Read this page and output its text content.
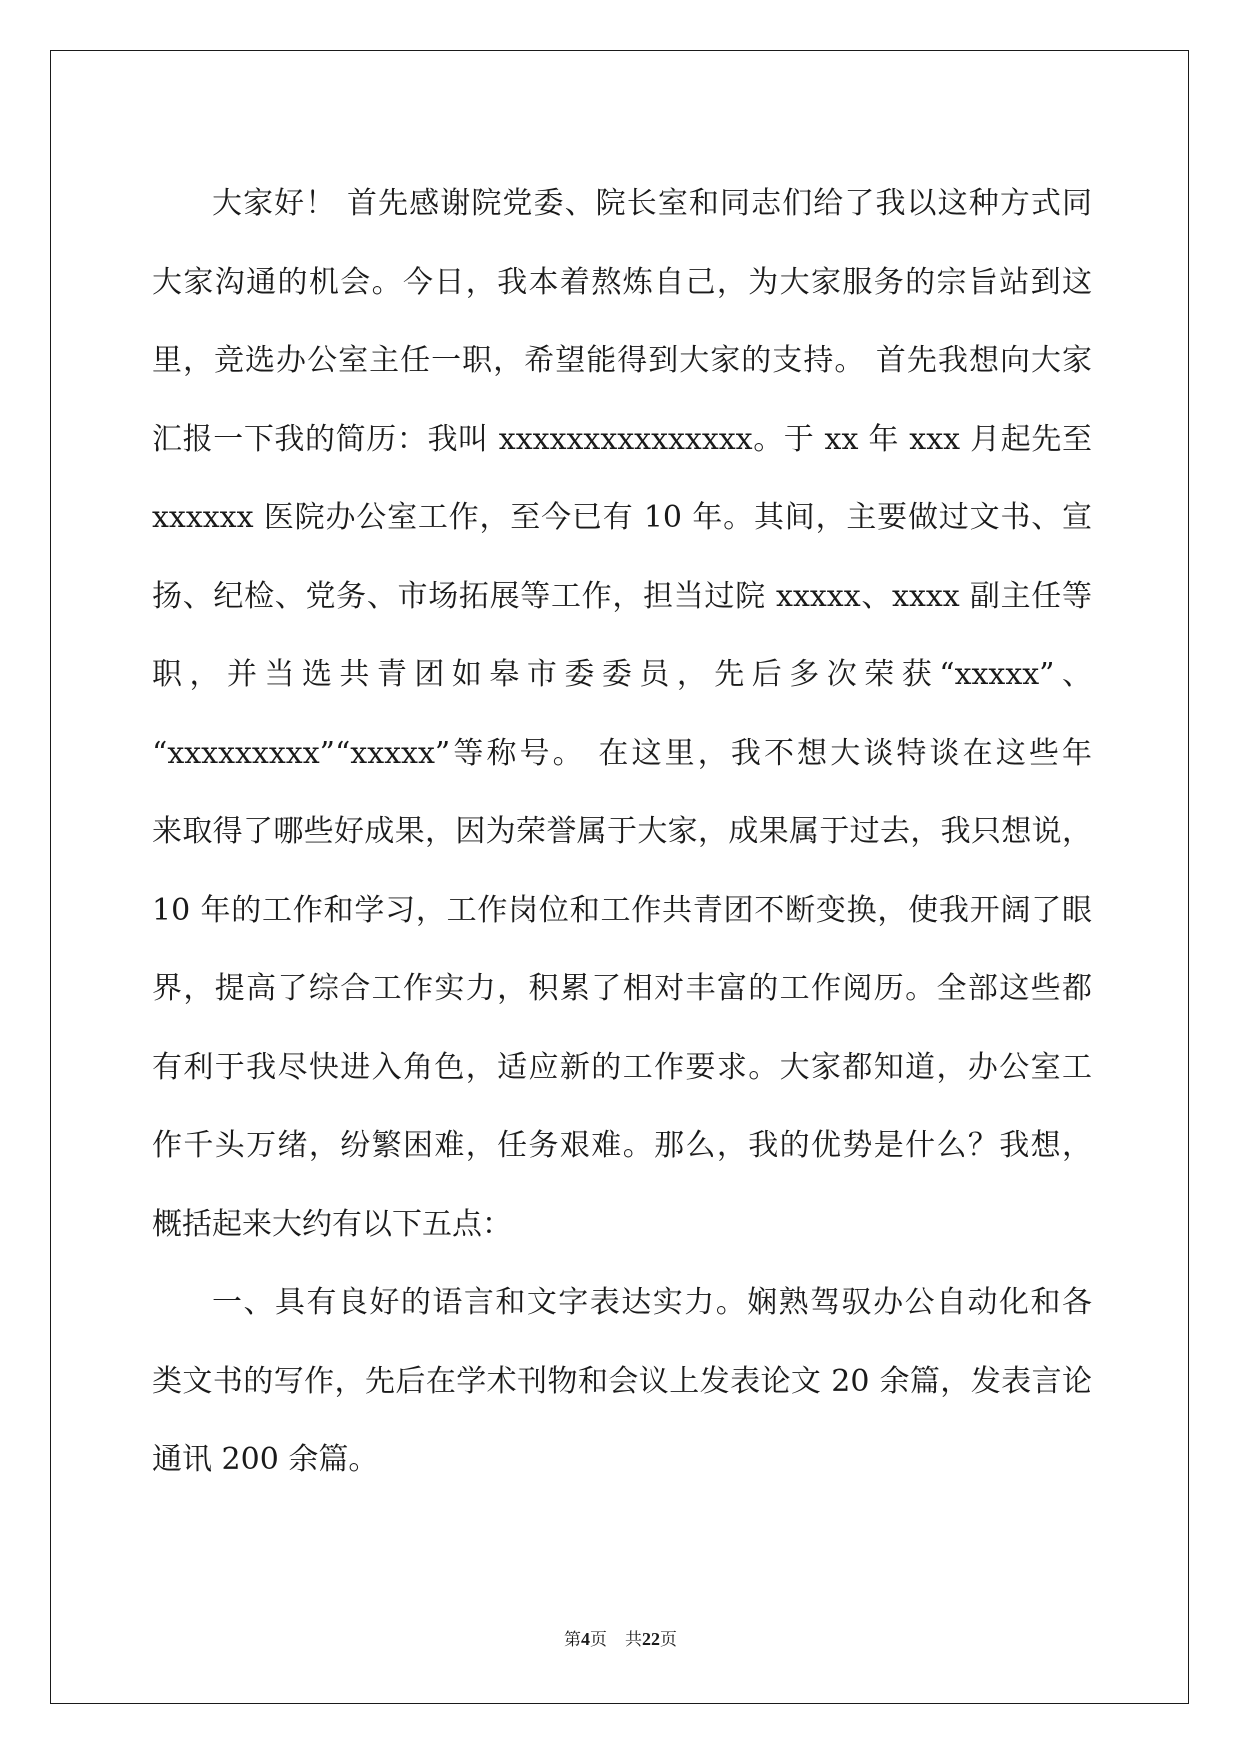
大家好！ 首先感谢院党委、院长室和同志们给了我以这种方式同
大家沟通的机会。今日，我本着熬炼自己，为大家服务的宗旨站到这
里，竞选办公室主任一职，希望能得到大家的支持。 首先我想向大家
汇报一下我的简历：我叫 xxxxxxxxxxxxxxx。于 xx 年 xxx 月起先至
xxxxxx 医院办公室工作，至今已有 10 年。其间，主要做过文书、宣
扬、纪检、党务、市场拓展等工作，担当过院 xxxxx、xxxx 副主任等
职，并当选共青团如皋市委委员，先后多次荣获“xxxxx”、
“xxxxxxxxx”“xxxxx”等称号。 在这里，我不想大谈特谈在这些年
来取得了哪些好成果，因为荣誉属于大家，成果属于过去，我只想说，
10 年的工作和学习，工作岗位和工作共青团不断变换，使我开阔了眼
界，提高了综合工作实力，积累了相对丰富的工作阅历。全部这些都
有利于我尽快进入角色，适应新的工作要求。大家都知道，办公室工
作千头万绪，纷繁困难，任务艰难。那么，我的优势是什么？我想，
概括起来大约有以下五点：
一、具有良好的语言和文字表达实力。娴熟驾驭办公自动化和各
类文书的写作，先后在学术刊物和会议上发表论文 20 余篇，发表言论
通讯 200 余篇。
第4页 共22页
